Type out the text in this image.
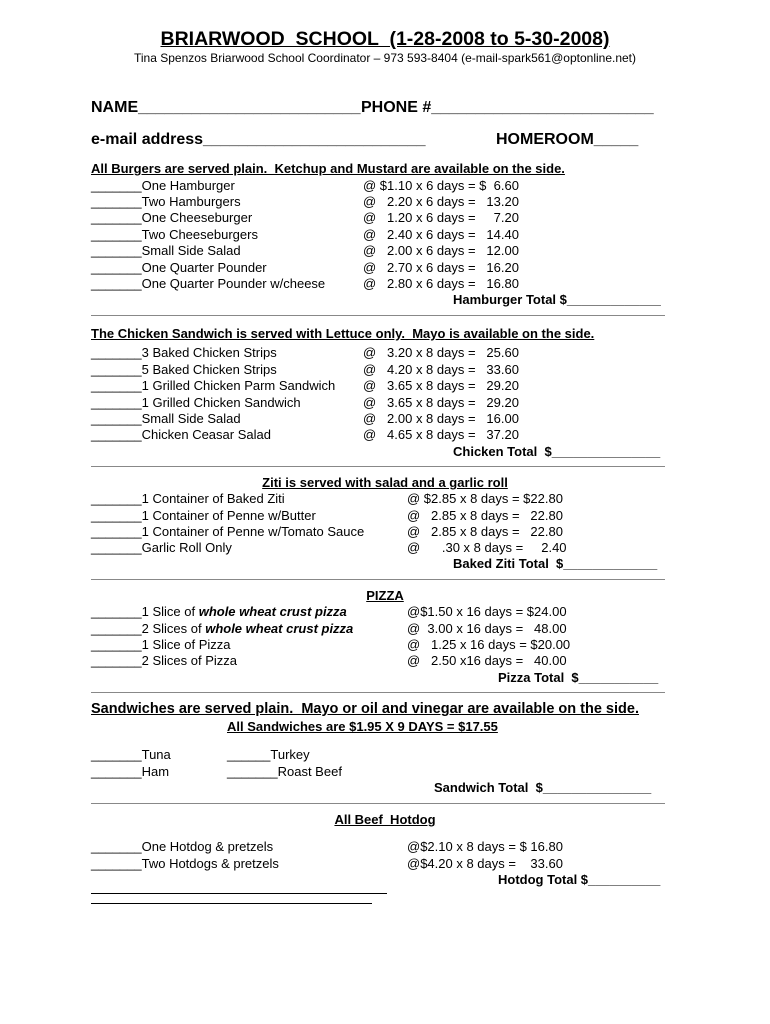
BRIARWOOD  SCHOOL  (1-28-2008 to 5-30-2008)
Tina Spenzos Briarwood School Coordinator – 973 593-8404 (e-mail-spark561@optonline.net)
NAME_________________________ PHONE #_________________________
e-mail address_________________________	HOMEROOM_____
All Burgers are served plain.  Ketchup and Mustard are available on the side.
_______One Hamburger	@ $1.10 x 6 days = $  6.60
_______Two Hamburgers	@   2.20 x 6 days =   13.20
_______One Cheeseburger	@   1.20 x 6 days =     7.20
_______Two Cheeseburgers	@   2.40 x 6 days =   14.40
_______Small Side Salad	@   2.00 x 6 days =   12.00
_______One Quarter Pounder	@   2.70 x 6 days =   16.20
_______One Quarter Pounder w/cheese	@   2.80 x 6 days =   16.80
Hamburger Total $_____________
The Chicken Sandwich is served with Lettuce only.  Mayo is available on the side.
_______3 Baked Chicken Strips	@   3.20 x 8 days =   25.60
_______5 Baked Chicken Strips	@   4.20 x 8 days =   33.60
_______1 Grilled Chicken Parm Sandwich @   3.65 x 8 days =   29.20
_______1 Grilled Chicken Sandwich	@   3.65 x 8 days =   29.20
_______Small Side Salad	@   2.00 x 8 days =   16.00
_______Chicken Ceasar Salad	@   4.65 x 8 days =   37.20
Chicken Total  $_______________
Ziti is served with salad and a garlic roll
_______1 Container of Baked Ziti	@ $2.85 x 8 days = $22.80
_______1 Container of Penne w/Butter	@   2.85 x 8 days =   22.80
_______1 Container of Penne w/Tomato Sauce	@   2.85 x 8 days =   22.80
_______Garlic Roll Only	@      .30 x 8 days =     2.40
Baked Ziti Total  $_____________
PIZZA
_______1 Slice of whole wheat crust pizza	@$1.50 x 16 days = $24.00
_______2 Slices of whole wheat crust pizza	@  3.00 x 16 days =   48.00
_______1 Slice of Pizza	@   1.25 x 16 days = $20.00
_______2 Slices of Pizza	@   2.50 x16 days =   40.00
Pizza Total  $___________
Sandwiches are served plain.  Mayo or oil and vinegar are available on the side.
All Sandwiches are $1.95 X 9 DAYS = $17.55
_______Tuna	______Turkey
_______Ham	_______Roast Beef
Sandwich Total  $_______________
All Beef  Hotdog
_______One Hotdog & pretzels	@$2.10 x 8 days = $ 16.80
_______Two Hotdogs & pretzels	@$4.20 x 8 days =    33.60
Hotdog Total $__________
